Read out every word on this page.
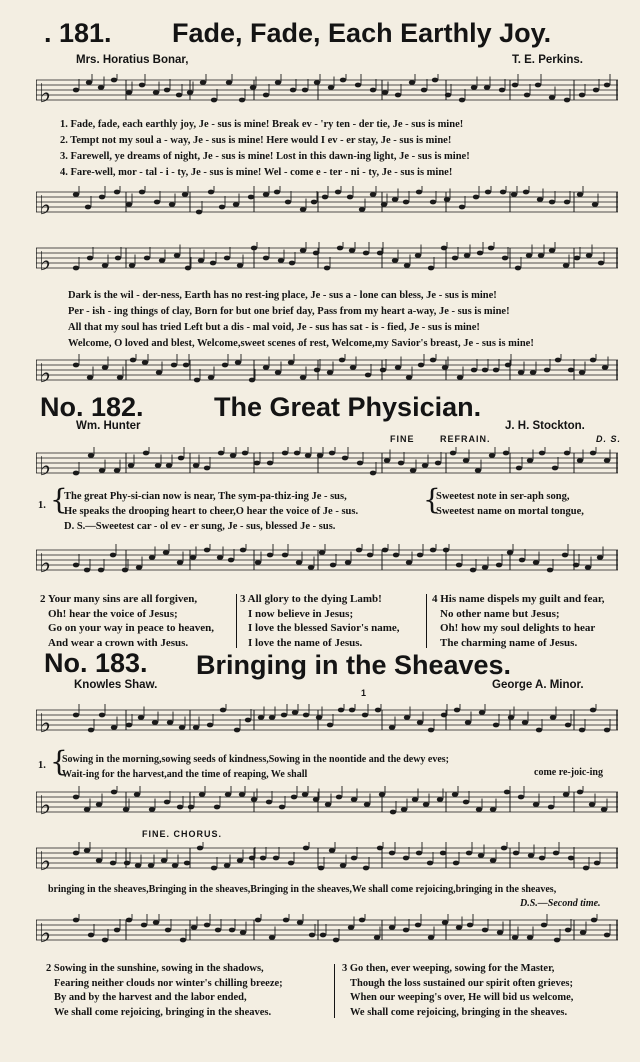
. 181. Fade, Fade, Each Earthly Joy.
Mrs. Horatius Bonar,	T. E. Perkins.
♭
1. Fade, fade, each earthly joy, Je - sus is mine! Break ev - 'ry ten - der tie, Je - sus is mine!
2. Tempt not my soul a - way, Je - sus is mine! Here would I ev - er stay, Je - sus is mine!
3. Farewell, ye dreams of night, Je - sus is mine! Lost in this dawn-ing light, Je - sus is mine!
4. Fare-well, mor - tal - i - ty, Je - sus is mine! Wel - come e - ter - ni - ty, Je - sus is mine!
♭
♭
Dark is the wil - der-ness, Earth has no rest-ing place, Je - sus a - lone can bless, Je - sus is mine!
Per - ish - ing things of clay, Born for but one brief day, Pass from my heart a-way, Je - sus is mine!
All that my soul has tried Left but a dis - mal void, Je - sus has sat - is - fied, Je - sus is mine!
Welcome, O loved and blest, Welcome,sweet scenes of rest, Welcome,my Savior's breast, Je - sus is mine!
♭
No. 182.	The Great Physician.
Wm. Hunter	J. H. Stockton.
FINE	REFRAIN.	D. S.
♭
1. {
The great Phy-si-cian now is near, The sym-pa-thiz-ing Je - sus,
He speaks the drooping heart to cheer,O hear the voice of Je - sus.
D. S.—Sweetest car - ol ev - er sung, Je - sus, blessed Je - sus.
{
Sweetest note in ser-aph song,
Sweetest name on mortal tongue,
♭
2 Your many sins are all forgiven,
Oh! hear the voice of Jesus;
Go on your way in peace to heaven,
And wear a crown with Jesus.
3 All glory to the dying Lamb!
I now believe in Jesus;
I love the blessed Savior's name,
I love the name of Jesus.
4 His name dispels my guilt and fear,
No other name but Jesus;
Oh! how my soul delights to hear
The charming name of Jesus.
No. 183. Bringing in the Sheaves.
Knowles Shaw.	George A. Minor.
1
♭
1. {
Sowing in the morning,sowing seeds of kindness,Sowing in the noontide and the dewy eves;
Wait-ing for the harvest,and the time of reaping, We shall	come re-joic-ing
♭
FINE. CHORUS.
♭
bringing in the sheaves,Bringing in the sheaves,Bringing in the sheaves,We shall come rejoicing,bringing in the sheaves,
D.S.—Second time.
♭
2 Sowing in the sunshine, sowing in the shadows,
Fearing neither clouds nor winter's chilling breeze;
By and by the harvest and the labor ended,
We shall come rejoicing, bringing in the sheaves.
3 Go then, ever weeping, sowing for the Master,
Though the loss sustained our spirit often grieves;
When our weeping's over, He will bid us welcome,
We shall come rejoicing, bringing in the sheaves.
